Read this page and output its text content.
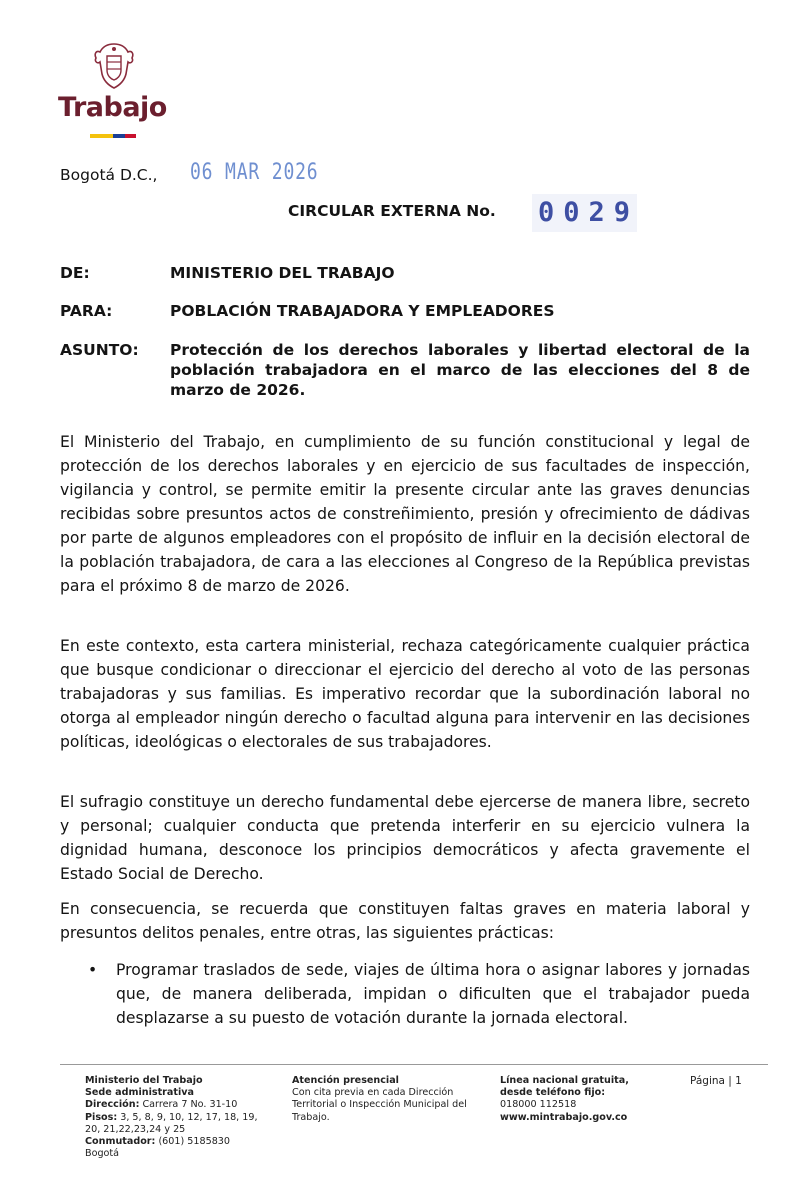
Trabajo
Bogotá D.C., 06 MAR 2026
CIRCULAR EXTERNA No. 0029
DE:	MINISTERIO DEL TRABAJO
PARA:	POBLACIÓN TRABAJADORA Y EMPLEADORES
ASUNTO: Protección de los derechos laborales y libertad electoral de la población trabajadora en el marco de las elecciones del 8 de marzo de 2026.

El Ministerio del Trabajo, en cumplimiento de su función constitucional y legal de protección de los derechos laborales y en ejercicio de sus facultades de inspección, vigilancia y control, se permite emitir la presente circular ante las graves denuncias recibidas sobre presuntos actos de constreñimiento, presión y ofrecimiento de dádivas por parte de algunos empleadores con el propósito de influir en la decisión electoral de la población trabajadora, de cara a las elecciones al Congreso de la República previstas para el próximo 8 de marzo de 2026.

En este contexto, esta cartera ministerial, rechaza categóricamente cualquier práctica que busque condicionar o direccionar el ejercicio del derecho al voto de las personas trabajadoras y sus familias. Es imperativo recordar que la subordinación laboral no otorga al empleador ningún derecho o facultad alguna para intervenir en las decisiones políticas, ideológicas o electorales de sus trabajadores.

El sufragio constituye un derecho fundamental debe ejercerse de manera libre, secreto y personal; cualquier conducta que pretenda interferir en su ejercicio vulnera la dignidad humana, desconoce los principios democráticos y afecta gravemente el Estado Social de Derecho.

En consecuencia, se recuerda que constituyen faltas graves en materia laboral y presuntos delitos penales, entre otras, las siguientes prácticas:

• Programar traslados de sede, viajes de última hora o asignar labores y jornadas que, de manera deliberada, impidan o dificulten que el trabajador pueda desplazarse a su puesto de votación durante la jornada electoral.
Ministerio del Trabajo
Sede administrativa
Dirección: Carrera 7 No. 31-10
Pisos: 3, 5, 8, 9, 10, 12, 17, 18, 19, 20, 21,22,23,24 y 25
Conmutador: (601) 5185830
Bogotá
Atención presencial
Con cita previa en cada Dirección Territorial o Inspección Municipal del Trabajo.
Línea nacional gratuita,
desde teléfono fijo:
018000 112518
www.mintrabajo.gov.co
Página | 1
